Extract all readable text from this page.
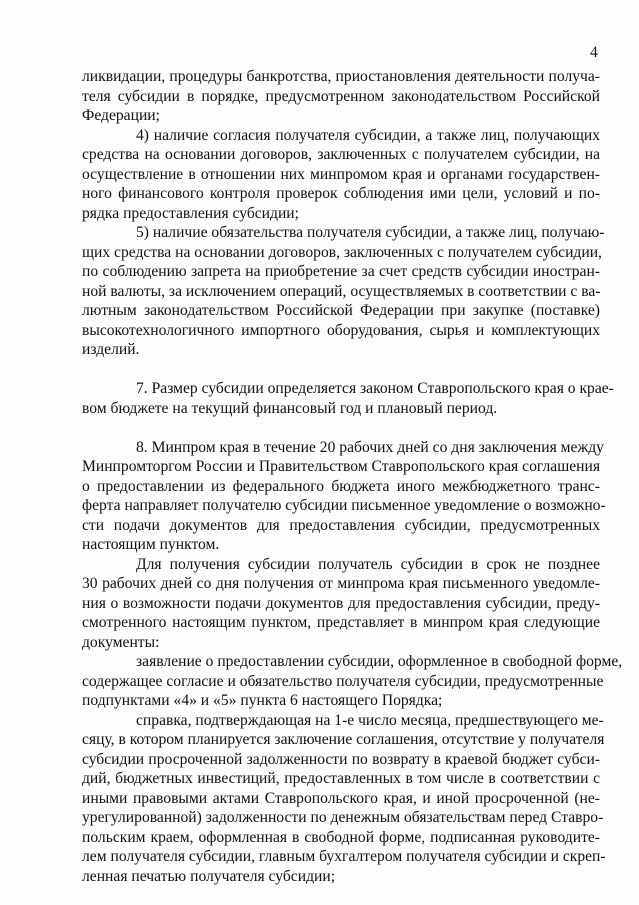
4
ликвидации, процедуры банкротства, приостановления деятельности получа-
теля субсидии в порядке, предусмотренном законодательством Российской
Федерации;
4) наличие согласия получателя субсидии, а также лиц, получающих
средства на основании договоров, заключенных с получателем субсидии, на
осуществление в отношении них минпромом края и органами государствен-
ного финансового контроля проверок соблюдения ими цели, условий и по-
рядка предоставления субсидии;
5) наличие обязательства получателя субсидии, а также лиц, получаю-
щих средства на основании договоров, заключенных с получателем субсидии,
по соблюдению запрета на приобретение за счет средств субсидии иностран-
ной валюты, за исключением операций, осуществляемых в соответствии с ва-
лютным законодательством Российской Федерации при закупке (поставке)
высокотехнологичного импортного оборудования, сырья и комплектующих
изделий.
7. Размер субсидии определяется законом Ставропольского края о крае-
вом бюджете на текущий финансовый год и плановый период.
8. Минпром края в течение 20 рабочих дней со дня заключения между
Минпромторгом России и Правительством Ставропольского края соглашения
о предоставлении из федерального бюджета иного межбюджетного транс-
ферта направляет получателю субсидии письменное уведомление о возможно-
сти подачи документов для предоставления субсидии, предусмотренных
настоящим пунктом.
Для получения субсидии получатель субсидии в срок не позднее
30 рабочих дней со дня получения от минпрома края письменного уведомле-
ния о возможности подачи документов для предоставления субсидии, преду-
смотренного настоящим пунктом, представляет в минпром края следующие
документы:
заявление о предоставлении субсидии, оформленное в свободной форме,
содержащее согласие и обязательство получателя субсидии, предусмотренные
подпунктами «4» и «5» пункта 6 настоящего Порядка;
справка, подтверждающая на 1-е число месяца, предшествующего ме-
сяцу, в котором планируется заключение соглашения, отсутствие у получателя
субсидии просроченной задолженности по возврату в краевой бюджет субси-
дий, бюджетных инвестиций, предоставленных в том числе в соответствии с
иными правовыми актами Ставропольского края, и иной просроченной (не-
урегулированной) задолженности по денежным обязательствам перед Ставро-
польским краем, оформленная в свободной форме, подписанная руководите-
лем получателя субсидии, главным бухгалтером получателя субсидии и скреп-
ленная печатью получателя субсидии;
